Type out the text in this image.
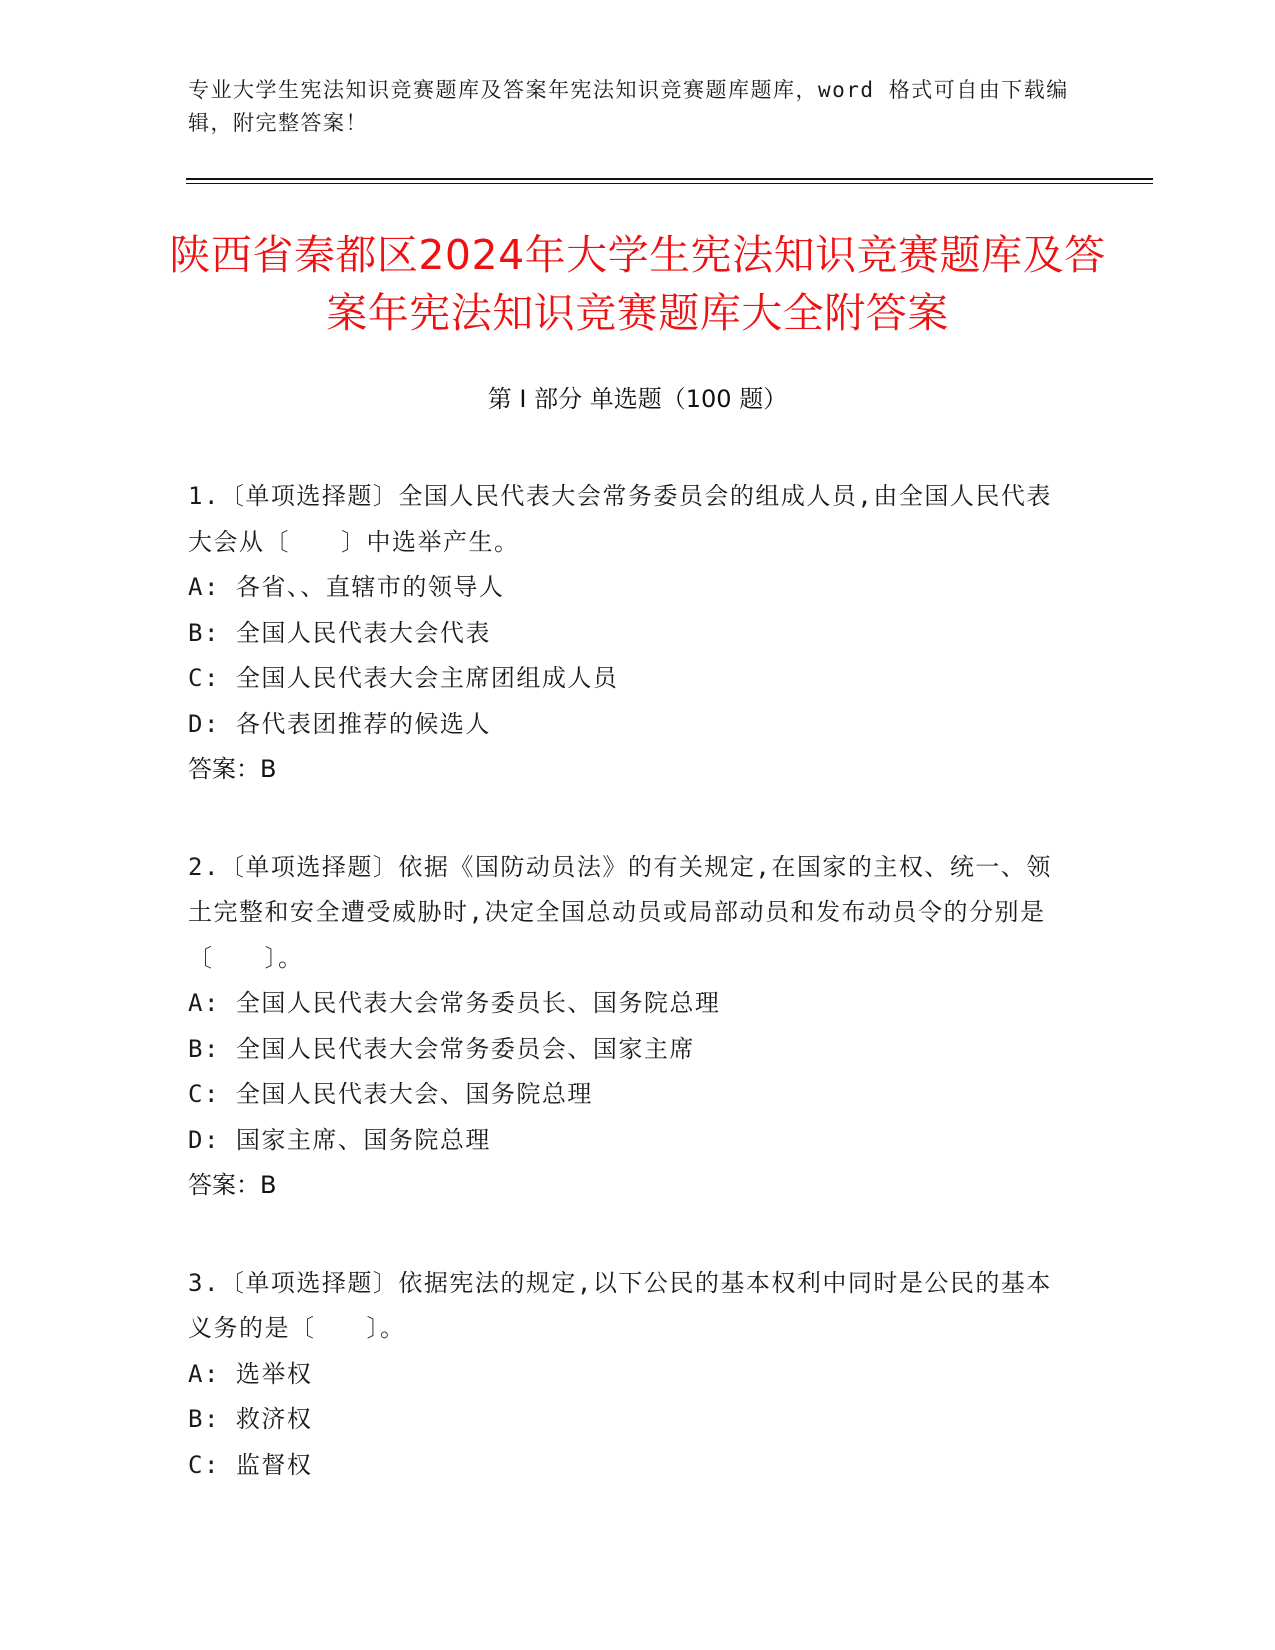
专业大学生宪法知识竞赛题库及答案年宪法知识竞赛题库题库，word 格式可自由下载编辑，附完整答案！
陕西省秦都区2024年大学生宪法知识竞赛题库及答案年宪法知识竞赛题库大全附答案
第 I 部分 单选题（100 题）
1.〔单项选择题〕全国人民代表大会常务委员会的组成人员,由全国人民代表大会从〔　　〕中选举产生。
A: 各省、、直辖市的领导人
B: 全国人民代表大会代表
C: 全国人民代表大会主席团组成人员
D: 各代表团推荐的候选人
答案：B
2.〔单项选择题〕依据《国防动员法》的有关规定,在国家的主权、统一、领土完整和安全遭受威胁时,决定全国总动员或局部动员和发布动员令的分别是〔　　〕。
A: 全国人民代表大会常务委员长、国务院总理
B: 全国人民代表大会常务委员会、国家主席
C: 全国人民代表大会、国务院总理
D: 国家主席、国务院总理
答案：B
3.〔单项选择题〕依据宪法的规定,以下公民的基本权利中同时是公民的基本义务的是〔　　〕。
A: 选举权
B: 救济权
C: 监督权
